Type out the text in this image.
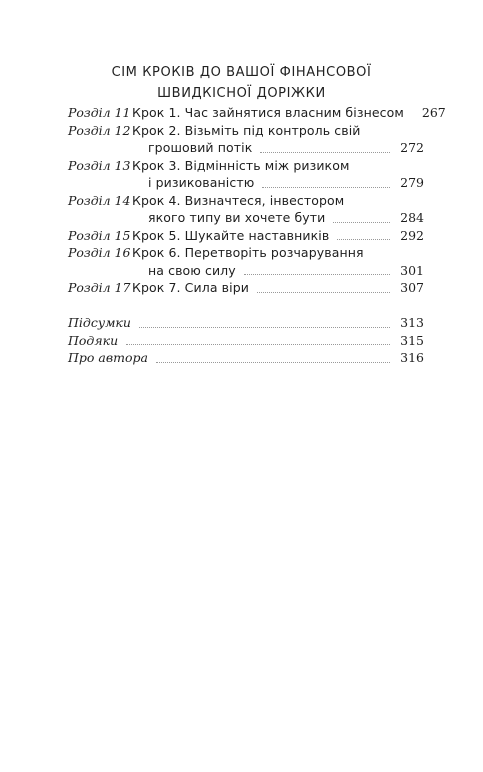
СІМ КРОКІВ ДО ВАШОЇ ФІНАНСОВОЇ
ШВИДКІСНОЇ ДОРІЖКИ
Розділ 11 Крок 1. Час зайнятися власним бізнесом 267
Розділ 12 Крок 2. Візьміть під контроль свій
грошовий потік	272
Розділ 13 Крок 3. Відмінність між ризиком
і ризикованістю	279
Розділ 14 Крок 4. Визначтеся, інвестором
якого типу ви хочете бути	284
Розділ 15 Крок 5. Шукайте наставників	292
Розділ 16 Крок 6. Перетворіть розчарування
на свою силу	301
Розділ 17 Крок 7. Сила віри	307
Підсумки	313
Подяки	315
Про автора	316
